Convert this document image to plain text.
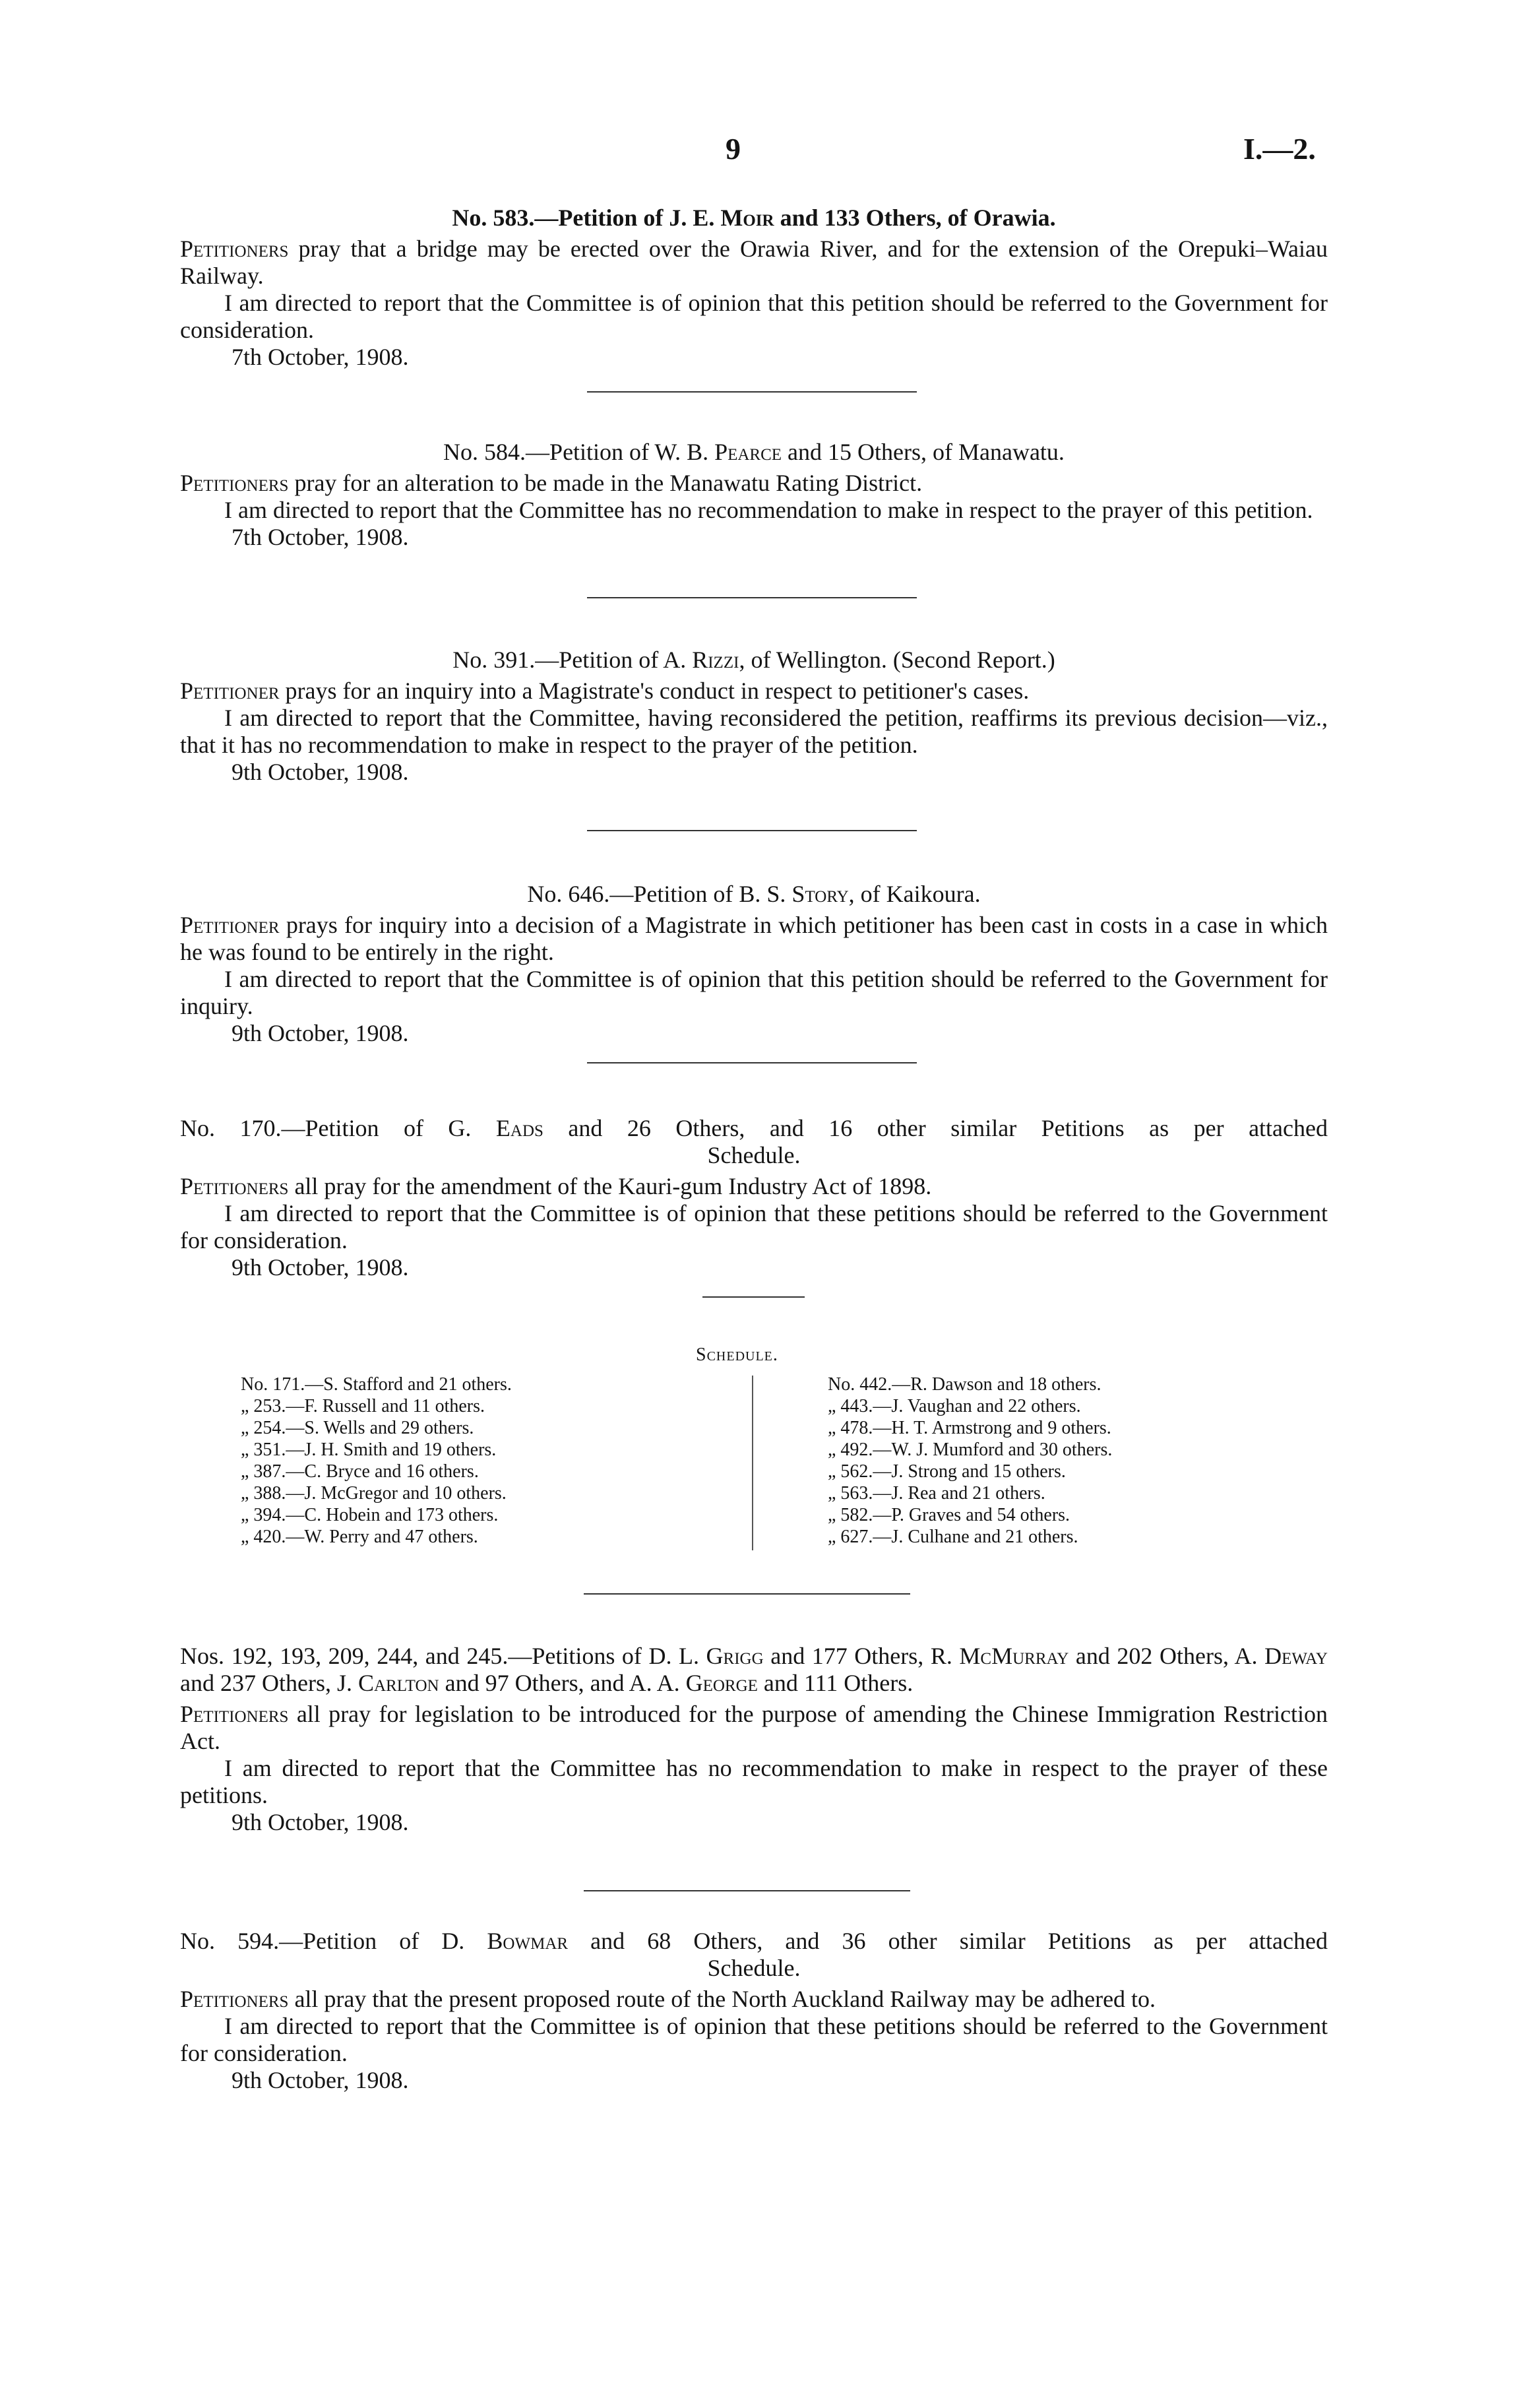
9	I.—2.
No. 583.—Petition of J. E. Moir and 133 Others, of Orawia.

Petitioners pray that a bridge may be erected over the Orawia River, and for the extension of the Orepuki–Waiau Railway.

I am directed to report that the Committee is of opinion that this petition should be referred to the Government for consideration.

7th October, 1908.

No. 584.—Petition of W. B. Pearce and 15 Others, of Manawatu.

Petitioners pray for an alteration to be made in the Manawatu Rating District.

I am directed to report that the Committee has no recommendation to make in respect to the prayer of this petition.

7th October, 1908.

No. 391.—Petition of A. Rizzi, of Wellington. (Second Report.)

Petitioner prays for an inquiry into a Magistrate's conduct in respect to petitioner's cases.

I am directed to report that the Committee, having reconsidered the petition, reaffirms its previous decision—viz., that it has no recommendation to make in respect to the prayer of the petition.

9th October, 1908.

No. 646.—Petition of B. S. Story, of Kaikoura.

Petitioner prays for inquiry into a decision of a Magistrate in which petitioner has been cast in costs in a case in which he was found to be entirely in the right.

I am directed to report that the Committee is of opinion that this petition should be referred to the Government for inquiry.

9th October, 1908.

No. 170.—Petition of G. Eads and 26 Others, and 16 other similar Petitions as per attached
Schedule.

Petitioners all pray for the amendment of the Kauri-gum Industry Act of 1898.

I am directed to report that the Committee is of opinion that these petitions should be referred to the Government for consideration.

9th October, 1908.

Schedule.
No. 171.—S. Stafford and 21 others.
„ 253.—F. Russell and 11 others.
„ 254.—S. Wells and 29 others.
„ 351.—J. H. Smith and 19 others.
„ 387.—C. Bryce and 16 others.
„ 388.—J. McGregor and 10 others.
„ 394.—C. Hobein and 173 others.
„ 420.—W. Perry and 47 others.
No. 442.—R. Dawson and 18 others.
„ 443.—J. Vaughan and 22 others.
„ 478.—H. T. Armstrong and 9 others.
„ 492.—W. J. Mumford and 30 others.
„ 562.—J. Strong and 15 others.
„ 563.—J. Rea and 21 others.
„ 582.—P. Graves and 54 others.
„ 627.—J. Culhane and 21 others.

Nos. 192, 193, 209, 244, and 245.—Petitions of D. L. Grigg and 177 Others, R. McMurray and 202 Others, A. Deway and 237 Others, J. Carlton and 97 Others, and A. A. George and 111 Others.

Petitioners all pray for legislation to be introduced for the purpose of amending the Chinese Immigration Restriction Act.

I am directed to report that the Committee has no recommendation to make in respect to the prayer of these petitions.

9th October, 1908.

No. 594.—Petition of D. Bowmar and 68 Others, and 36 other similar Petitions as per attached
Schedule.

Petitioners all pray that the present proposed route of the North Auckland Railway may be adhered to.

I am directed to report that the Committee is of opinion that these petitions should be referred to the Government for consideration.

9th October, 1908.
